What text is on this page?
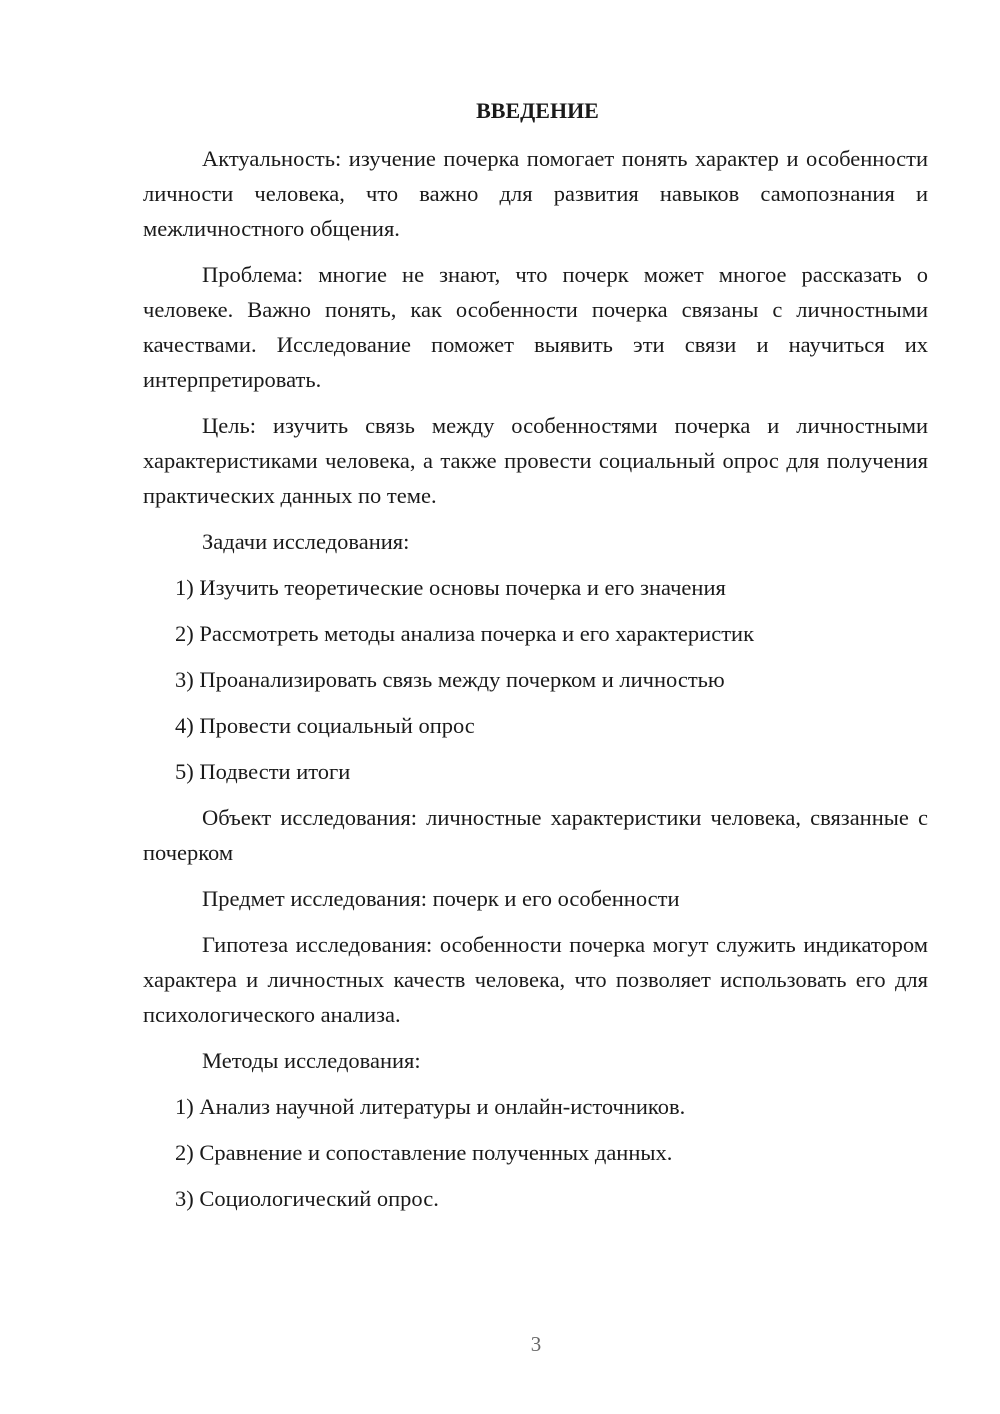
ВВЕДЕНИЕ

Актуальность: изучение почерка помогает понять характер и особенности личности человека, что важно для развития навыков самопознания и межличностного общения.

Проблема: многие не знают, что почерк может многое рассказать о человеке. Важно понять, как особенности почерка связаны с личностными качествами. Исследование поможет выявить эти связи и научиться их интерпретировать.

Цель: изучить связь между особенностями почерка и личностными характеристиками человека, а также провести социальный опрос для получения практических данных по теме.

Задачи исследования:

1) Изучить теоретические основы почерка и его значения
2) Рассмотреть методы анализа почерка и его характеристик
3) Проанализировать связь между почерком и личностью
4) Провести социальный опрос
5) Подвести итоги

Объект исследования: личностные характеристики человека, связанные с почерком

Предмет исследования: почерк и его особенности

Гипотеза исследования: особенности почерка могут служить индикатором характера и личностных качеств человека, что позволяет использовать его для психологического анализа.

Методы исследования:

1) Анализ научной литературы и онлайн-источников.
2) Сравнение и сопоставление полученных данных.
3) Социологический опрос.
3
